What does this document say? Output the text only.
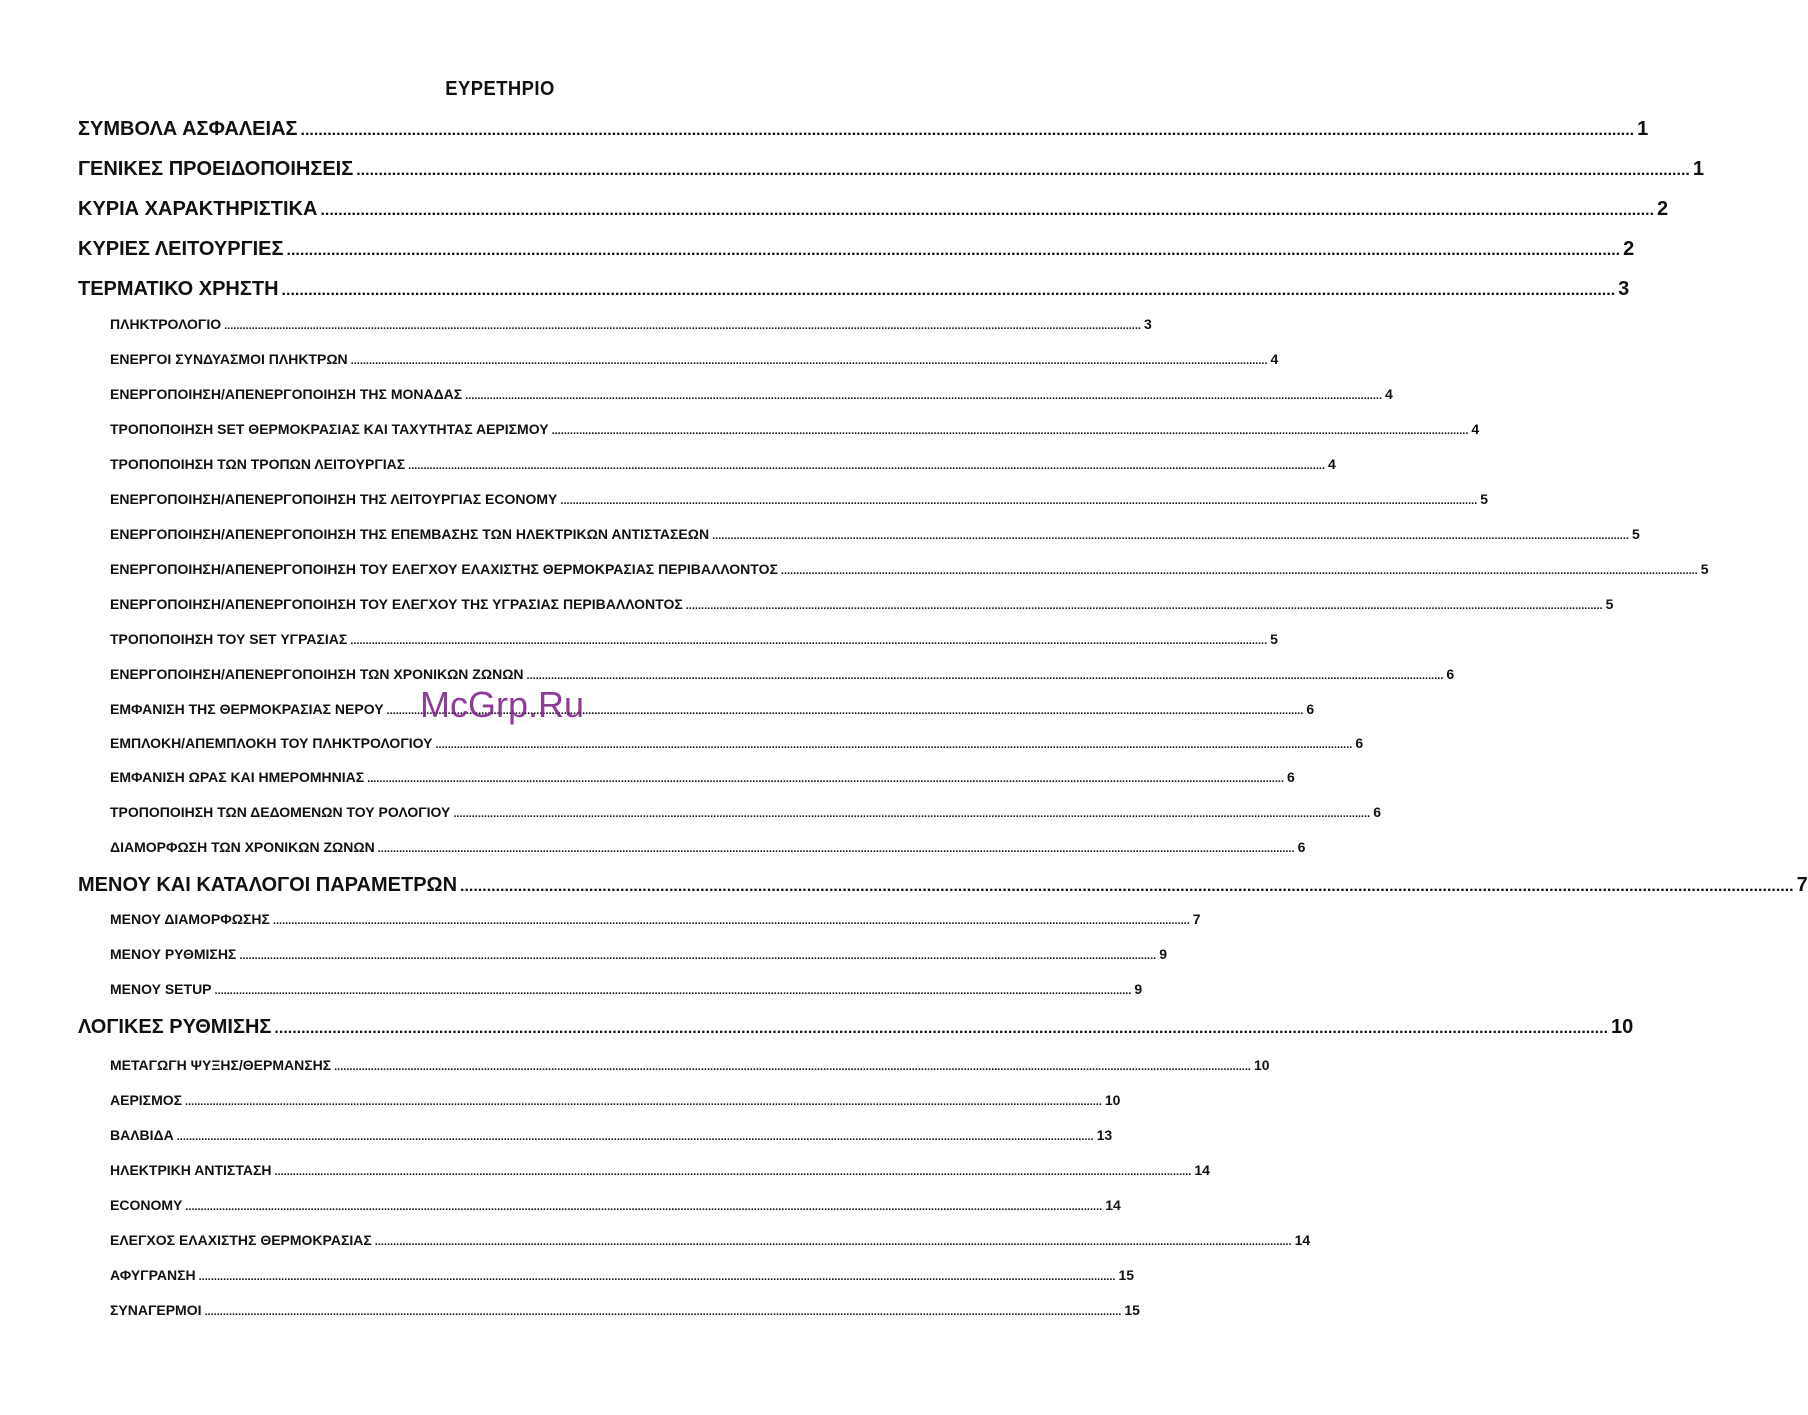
ΕΥΡΕΤΗΡΙΟ
ΣΥΜΒΟΛΑ ΑΣΦΑΛΕΙΑΣ ............................................................................................................................................................................................................................................................................................................ 1
ΓΕΝΙΚΕΣ ΠΡΟΕΙΔΟΠΟΙΗΣΕΙΣ ............................................................................................................................................................................................................................................................................................................ 1
ΚΥΡΙΑ ΧΑΡΑΚΤΗΡΙΣΤΙΚΑ ............................................................................................................................................................................................................................................................................................................ 2
ΚΥΡΙΕΣ ΛΕΙΤΟΥΡΓΙΕΣ ............................................................................................................................................................................................................................................................................................................ 2
ΤΕΡΜΑΤΙΚΟ ΧΡΗΣΤΗ ............................................................................................................................................................................................................................................................................................................ 3
ΠΛΗΚΤΡΟΛΟΓΙΟ ............................................................................................................................................................................................................................................................................................................ 3
ΕΝΕΡΓΟΙ ΣΥΝΔΥΑΣΜΟΙ ΠΛΗΚΤΡΩΝ ............................................................................................................................................................................................................................................................................................................ 4
ΕΝΕΡΓΟΠΟΙΗΣΗ/ΑΠΕΝΕΡΓΟΠΟΙΗΣΗ ΤΗΣ ΜΟΝΑΔΑΣ ............................................................................................................................................................................................................................................................................................................ 4
ΤΡΟΠΟΠΟΙΗΣΗ SET ΘΕΡΜΟΚΡΑΣΙΑΣ ΚΑΙ ΤΑΧΥΤΗΤΑΣ ΑΕΡΙΣΜΟΥ ............................................................................................................................................................................................................................................................................................................ 4
ΤΡΟΠΟΠΟΙΗΣΗ ΤΩΝ ΤΡΟΠΩΝ ΛΕΙΤΟΥΡΓΙΑΣ ............................................................................................................................................................................................................................................................................................................ 4
ΕΝΕΡΓΟΠΟΙΗΣΗ/ΑΠΕΝΕΡΓΟΠΟΙΗΣΗ ΤΗΣ ΛΕΙΤΟΥΡΓΙΑΣ ECONOMY ............................................................................................................................................................................................................................................................................................................ 5
ΕΝΕΡΓΟΠΟΙΗΣΗ/ΑΠΕΝΕΡΓΟΠΟΙΗΣΗ ΤΗΣ ΕΠΕΜΒΑΣΗΣ ΤΩΝ ΗΛΕΚΤΡΙΚΩΝ ΑΝΤΙΣΤΑΣΕΩΝ ............................................................................................................................................................................................................................................................................................................ 5
ΕΝΕΡΓΟΠΟΙΗΣΗ/ΑΠΕΝΕΡΓΟΠΟΙΗΣΗ ΤΟΥ ΕΛΕΓΧΟΥ ΕΛΑΧΙΣΤΗΣ ΘΕΡΜΟΚΡΑΣΙΑΣ ΠΕΡΙΒΑΛΛΟΝΤΟΣ ............................................................................................................................................................................................................................................................................................................ 5
ΕΝΕΡΓΟΠΟΙΗΣΗ/ΑΠΕΝΕΡΓΟΠΟΙΗΣΗ ΤΟΥ ΕΛΕΓΧΟΥ ΤΗΣ ΥΓΡΑΣΙΑΣ ΠΕΡΙΒΑΛΛΟΝΤΟΣ ............................................................................................................................................................................................................................................................................................................ 5
ΤΡΟΠΟΠΟΙΗΣΗ ΤΟΥ SET ΥΓΡΑΣΙΑΣ ............................................................................................................................................................................................................................................................................................................ 5
ΕΝΕΡΓΟΠΟΙΗΣΗ/ΑΠΕΝΕΡΓΟΠΟΙΗΣΗ ΤΩΝ ΧΡΟΝΙΚΩΝ ΖΩΝΩΝ ............................................................................................................................................................................................................................................................................................................ 6
ΕΜΦΑΝΙΣΗ ΤΗΣ ΘΕΡΜΟΚΡΑΣΙΑΣ ΝΕΡΟΥ ............................................................................................................................................................................................................................................................................................................ 6
ΕΜΠΛΟΚΗ/ΑΠΕΜΠΛΟΚΗ ΤΟΥ ΠΛΗΚΤΡΟΛΟΓΙΟΥ ............................................................................................................................................................................................................................................................................................................ 6
ΕΜΦΑΝΙΣΗ ΩΡΑΣ ΚΑΙ ΗΜΕΡΟΜΗΝΙΑΣ ............................................................................................................................................................................................................................................................................................................ 6
ΤΡΟΠΟΠΟΙΗΣΗ ΤΩΝ ΔΕΔΟΜΕΝΩΝ ΤΟΥ ΡΟΛΟΓΙΟΥ ............................................................................................................................................................................................................................................................................................................ 6
ΔΙΑΜΟΡΦΩΣΗ ΤΩΝ ΧΡΟΝΙΚΩΝ ΖΩΝΩΝ ............................................................................................................................................................................................................................................................................................................ 6
ΜΕΝΟΥ ΚΑΙ ΚΑΤΑΛΟΓΟΙ ΠΑΡΑΜΕΤΡΩΝ ............................................................................................................................................................................................................................................................................................................ 7
ΜΕΝΟΥ ΔΙΑΜΟΡΦΩΣΗΣ ............................................................................................................................................................................................................................................................................................................ 7
ΜΕΝΟΥ ΡΥΘΜΙΣΗΣ ............................................................................................................................................................................................................................................................................................................ 9
ΜΕΝΟΥ SETUP ............................................................................................................................................................................................................................................................................................................ 9
ΛΟΓΙΚΕΣ ΡΥΘΜΙΣΗΣ ............................................................................................................................................................................................................................................................................................................ 10
ΜΕΤΑΓΩΓΗ ΨΥΞΗΣ/ΘΕΡΜΑΝΣΗΣ ............................................................................................................................................................................................................................................................................................................ 10
ΑΕΡΙΣΜΟΣ ............................................................................................................................................................................................................................................................................................................ 10
ΒΑΛΒΙΔΑ ............................................................................................................................................................................................................................................................................................................ 13
ΗΛΕΚΤΡΙΚΗ ΑΝΤΙΣΤΑΣΗ ............................................................................................................................................................................................................................................................................................................ 14
ECONOMY ............................................................................................................................................................................................................................................................................................................ 14
ΕΛΕΓΧΟΣ ΕΛΑΧΙΣΤΗΣ ΘΕΡΜΟΚΡΑΣΙΑΣ ............................................................................................................................................................................................................................................................................................................ 14
ΑΦΥΓΡΑΝΣΗ ............................................................................................................................................................................................................................................................................................................ 15
ΣΥΝΑΓΕΡΜΟΙ ............................................................................................................................................................................................................................................................................................................ 15
McGrp.Ru
